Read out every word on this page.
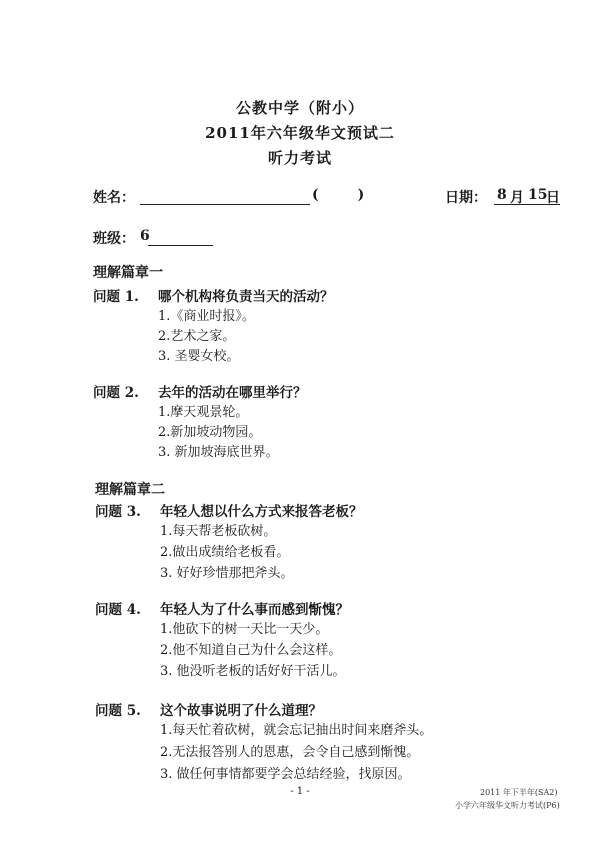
公教中学（附小）
2011年六年级华文预试二
听力考试
姓名：	(        )	日期： 8 月 15
日
班级： 6
理解篇章一
问题 1. 哪个机构将负责当天的活动？
1.《商业时报》。
2.艺术之家。
3. 圣婴女校。
问题 2. 去年的活动在哪里举行？
1.摩天观景轮。
2.新加坡动物园。
3. 新加坡海底世界。
理解篇章二
问题 3. 年轻人想以什么方式来报答老板？
1.每天帮老板砍树。
2.做出成绩给老板看。
3. 好好珍惜那把斧头。
问题 4. 年轻人为了什么事而感到惭愧？
1.他砍下的树一天比一天少。
2.他不知道自己为什么会这样。
3. 他没听老板的话好好干活儿。
问题 5. 这个故事说明了什么道理？
1.每天忙着砍树，就会忘记抽出时间来磨斧头。
2.无法报答别人的恩惠，会令自己感到惭愧。
3. 做任何事情都要学会总结经验，找原因。
- 1 -	2011 年下半年(SA2)
小学六年级华文听力考试(P6)
